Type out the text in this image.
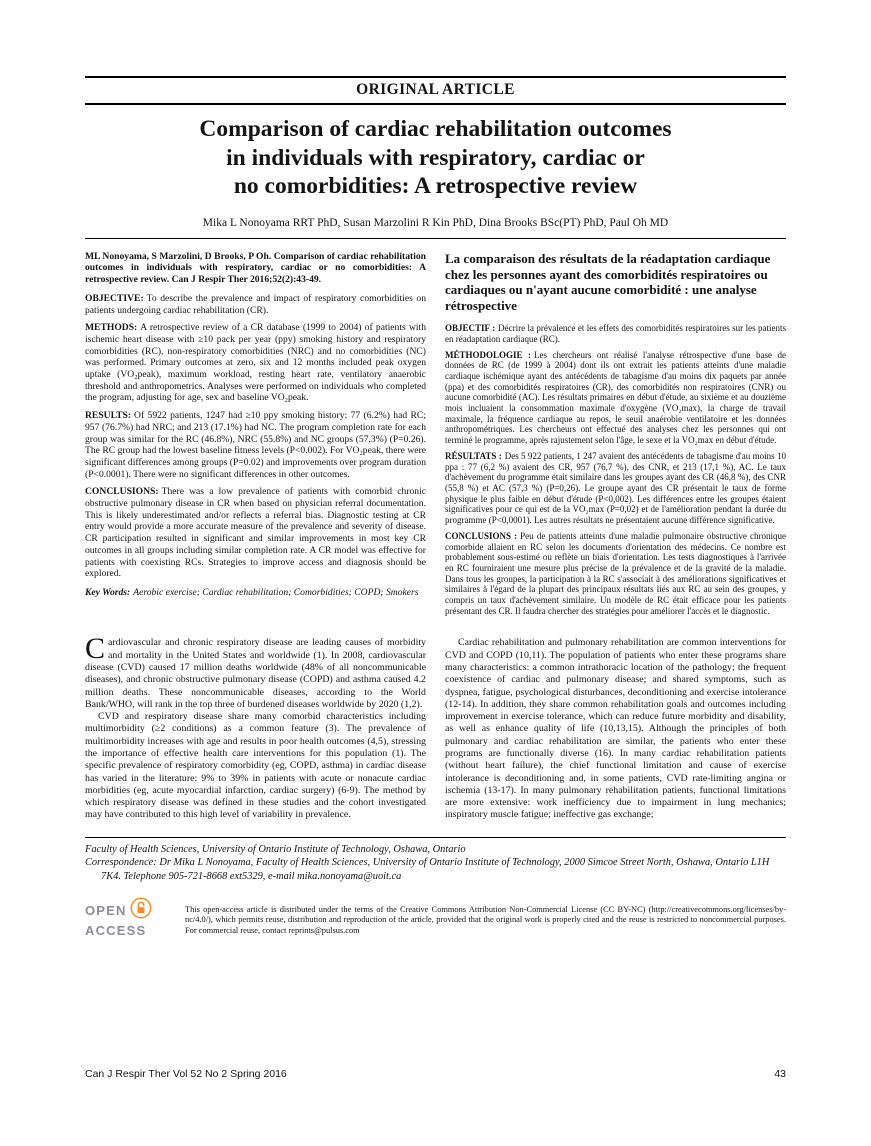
ORIGINAL ARTICLE
Comparison of cardiac rehabilitation outcomes
in individuals with respiratory, cardiac or
no comorbidities: A retrospective review
Mika L Nonoyama RRT PhD, Susan Marzolini R Kin PhD, Dina Brooks BSc(PT) PhD, Paul Oh MD

ML Nonoyama, S Marzolini, D Brooks, P Oh. Comparison of cardiac rehabilitation outcomes in individuals with respiratory, cardiac or no comorbidities: A retrospective review. Can J Respir Ther 2016;52(2):43-49.

OBJECTIVE: To describe the prevalence and impact of respiratory comorbidities on patients undergoing cardiac rehabilitation (CR).

METHODS: A retrospective review of a CR database (1999 to 2004) of patients with ischemic heart disease with ≥10 pack per year (ppy) smoking history and respiratory comorbidities (RC), non-respiratory comorbidities (NRC) and no comorbidities (NC) was performed. Primary outcomes at zero, six and 12 months included peak oxygen uptake (VO₂peak), maximum workload, resting heart rate, ventilatory anaerobic threshold and anthropometrics. Analyses were performed on individuals who completed the program, adjusting for age, sex and baseline VO₂peak.

RESULTS: Of 5922 patients, 1247 had ≥10 ppy smoking history: 77 (6.2%) had RC; 957 (76.7%) had NRC; and 213 (17.1%) had NC. The program completion rate for each group was similar for the RC (46.8%), NRC (55.8%) and NC groups (57.3%) (P=0.26). The RC group had the lowest baseline fitness levels (P<0.002). For VO₂peak, there were significant differences among groups (P=0.02) and improvements over program duration (P<0.0001). There were no significant differences in other outcomes.

CONCLUSIONS: There was a low prevalence of patients with comorbid chronic obstructive pulmonary disease in CR when based on physician referral documentation. This is likely underestimated and/or reflects a referral bias. Diagnostic testing at CR entry would provide a more accurate measure of the prevalence and severity of disease. CR participation resulted in significant and similar improvements in most key CR outcomes in all groups including similar completion rate. A CR model was effective for patients with coexisting RCs. Strategies to improve access and diagnosis should be explored.

Key Words: Aerobic exercise; Cardiac rehabilitation; Comorbidities; COPD; Smokers

La comparaison des résultats de la réadaptation cardiaque chez les personnes ayant des comorbidités respiratoires ou cardiaques ou n'ayant aucune comorbidité : une analyse rétrospective

OBJECTIF : Décrire la prévalence et les effets des comorbidités respiratoires sur les patients en réadaptation cardiaque (RC).

MÉTHODOLOGIE : Les chercheurs ont réalisé l'analyse rétrospective d'une base de données de RC (de 1999 à 2004) dont ils ont extrait les patients atteints d'une maladie cardiaque ischémique ayant des antécédents de tabagisme d'au moins dix paquets par année (ppa) et des comorbidités respiratoires (CR), des comorbidités non respiratoires (CNR) ou aucune comorbidité (AC). Les résultats primaires en début d'étude, au sixième et au douzième mois incluaient la consommation maximale d'oxygène (VO₂max), la charge de travail maximale, la fréquence cardiaque au repos, le seuil anaérobie ventilatoire et les données anthropométriques. Les chercheurs ont effectué des analyses chez les personnes qui ont terminé le programme, après rajustement selon l'âge, le sexe et la VO₂max en début d'étude.

RÉSULTATS : Des 5 922 patients, 1 247 avaient des antécédents de tabagisme d'au moins 10 ppa : 77 (6,2 %) avaient des CR, 957 (76,7 %), des CNR, et 213 (17,1 %), AC. Le taux d'achèvement du programme était similaire dans les groupes ayant des CR (46,8 %), des CNR (55,8 %) et AC (57,3 %) (P=0,26). Le groupe ayant des CR présentait le taux de forme physique le plus faible en début d'étude (P<0,002). Les différences entre les groupes étaient significatives pour ce qui est de la VO₂max (P=0,02) et de l'amélioration pendant la durée du programme (P<0,0001). Les autres résultats ne présentaient aucune différence significative.

CONCLUSIONS : Peu de patients atteints d'une maladie pulmonaire obstructive chronique comorbide allaient en RC selon les documents d'orientation des médecins. Ce nombre est probablement sous-estimé ou reflète un biais d'orientation. Les tests diagnostiques à l'arrivée en RC fourniraient une mesure plus précise de la prévalence et de la gravité de la maladie. Dans tous les groupes, la participation à la RC s'associait à des améliorations significatives et similaires à l'égard de la plupart des principaux résultats liés aux RC au sein des groupes, y compris un taux d'achèvement similaire. Un modèle de RC était efficace pour les patients présentant des CR. Il faudra chercher des stratégies pour améliorer l'accès et le diagnostic.

Cardiovascular and chronic respiratory disease are leading causes of morbidity and mortality in the United States and worldwide (1). In 2008, cardiovascular disease (CVD) caused 17 million deaths worldwide (48% of all noncommunicable diseases), and chronic obstructive pulmonary disease (COPD) and asthma caused 4.2 million deaths. These noncommunicable diseases, according to the World Bank/WHO, will rank in the top three of burdened diseases worldwide by 2020 (1,2).

CVD and respiratory disease share many comorbid characteristics including multimorbidity (≥2 conditions) as a common feature (3). The prevalence of multimorbidity increases with age and results in poor health outcomes (4,5), stressing the importance of effective health care interventions for this population (1). The specific prevalence of respiratory comorbidity (eg, COPD, asthma) in cardiac disease has varied in the literature: 9% to 39% in patients with acute or nonacute cardiac morbidities (eg, acute myocardial infarction, cardiac surgery) (6-9). The method by which respiratory disease was defined in these studies and the cohort investigated may have contributed to this high level of variability in prevalence.

Cardiac rehabilitation and pulmonary rehabilitation are common interventions for CVD and COPD (10,11). The population of patients who enter these programs share many characteristics: a common intrathoracic location of the pathology; the frequent coexistence of cardiac and pulmonary disease; and shared symptoms, such as dyspnea, fatigue, psychological disturbances, deconditioning and exercise intolerance (12-14). In addition, they share common rehabilitation goals and outcomes including improvement in exercise tolerance, which can reduce future morbidity and disability, as well as enhance quality of life (10,13,15). Although the principles of both pulmonary and cardiac rehabilitation are similar, the patients who enter these programs are functionally diverse (16). In many cardiac rehabilitation patients (without heart failure), the chief functional limitation and cause of exercise intolerance is deconditioning and, in some patients, CVD rate-limiting angina or ischemia (13-17). In many pulmonary rehabilitation patients, functional limitations are more extensive: work inefficiency due to impairment in lung mechanics; inspiratory muscle fatigue; ineffective gas exchange;

Faculty of Health Sciences, University of Ontario Institute of Technology, Oshawa, Ontario

Correspondence: Dr Mika L Nonoyama, Faculty of Health Sciences, University of Ontario Institute of Technology, 2000 Simcoe Street North, Oshawa, Ontario L1H 7K4. Telephone 905-721-8668 ext5329, e-mail mika.nonoyama@uoit.ca

OPEN
ACCESS

This open-access article is distributed under the terms of the Creative Commons Attribution Non-Commercial License (CC BY-NC) (http://creativecommons.org/licenses/by-nc/4.0/), which permits reuse, distribution and reproduction of the article, provided that the original work is properly cited and the reuse is restricted to noncommercial purposes. For commercial reuse, contact reprints@pulsus.com

Can J Respir Ther Vol 52 No 2 Spring 2016	43
